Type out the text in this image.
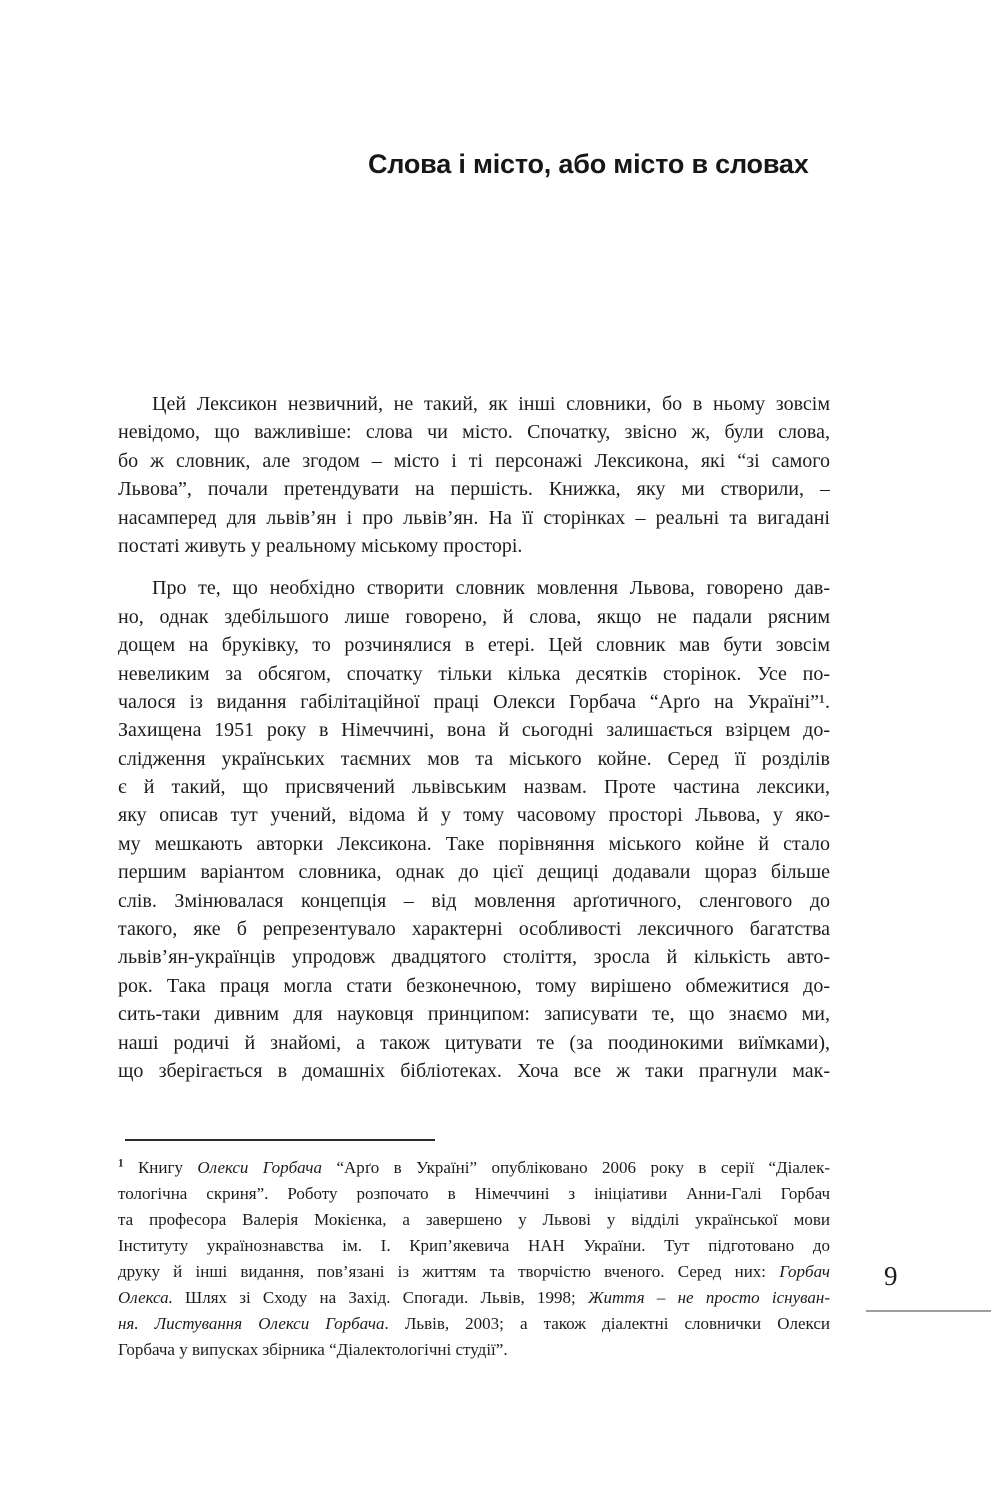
Слова і місто, або місто в словах
Цей Лексикон незвичний, не такий, як інші словники, бо в ньому зовсім
невідомо, що важливіше: слова чи місто. Спочатку, звісно ж, були слова,
бо ж словник, але згодом – місто і ті персонажі Лексикона, які “зі самого
Львова”, почали претендувати на першість. Книжка, яку ми створили, –
насамперед для львів’ян і про львів’ян. На її сторінках – реальні та вигадані
постаті живуть у реальному міському просторі.
Про те, що необхідно створити словник мовлення Львова, говорено дав-
но, однак здебільшого лише говорено, й слова, якщо не падали рясним
дощем на бруківку, то розчинялися в етері. Цей словник мав бути зовсім
невеликим за обсягом, спочатку тільки кілька десятків сторінок. Усе по-
чалося із видання габілітаційної праці Олекси Горбача “Арґо на Україні”¹.
Захищена 1951 року в Німеччині, вона й сьогодні залишається взірцем до-
слідження українських таємних мов та міського койне. Серед її розділів
є й такий, що присвячений львівським назвам. Проте частина лексики,
яку описав тут учений, відома й у тому часовому просторі Львова, у яко-
му мешкають авторки Лексикона. Таке порівняння міського койне й стало
першим варіантом словника, однак до цієї дещиці додавали щораз більше
слів. Змінювалася концепція – від мовлення арґотичного, сленгового до
такого, яке б репрезентувало характерні особливості лексичного багатства
львів’ян-українців упродовж двадцятого століття, зросла й кількість авто-
рок. Така праця могла стати безконечною, тому вирішено обмежитися до-
сить-таки дивним для науковця принципом: записувати те, що знаємо ми,
наші родичі й знайомі, а також цитувати те (за поодинокими виїмками),
що зберігається в домашніх бібліотеках. Хоча все ж таки прагнули мак-
$^1$ Книгу Олекси Горбача “Арґо в Україні” опубліковано 2006 року в серії “Діалек-
тологічна скриня”. Роботу розпочато в Німеччині з ініціативи Анни-Галі Горбач
та професора Валерія Мокієнка, а завершено у Львові у відділі української мови
Інституту українознавства ім. І. Крип’якевича НАН України. Тут підготовано до
друку й інші видання, пов’язані із життям та творчістю вченого. Серед них: Горбач
Олекса. Шлях зі Сходу на Захід. Спогади. Львів, 1998; Життя – не просто існуван-
ня. Листування Олекси Горбача. Львів, 2003; а також діалектні словнички Олекси
Горбача у випусках збірника “Діалектологічні студії”.
9
